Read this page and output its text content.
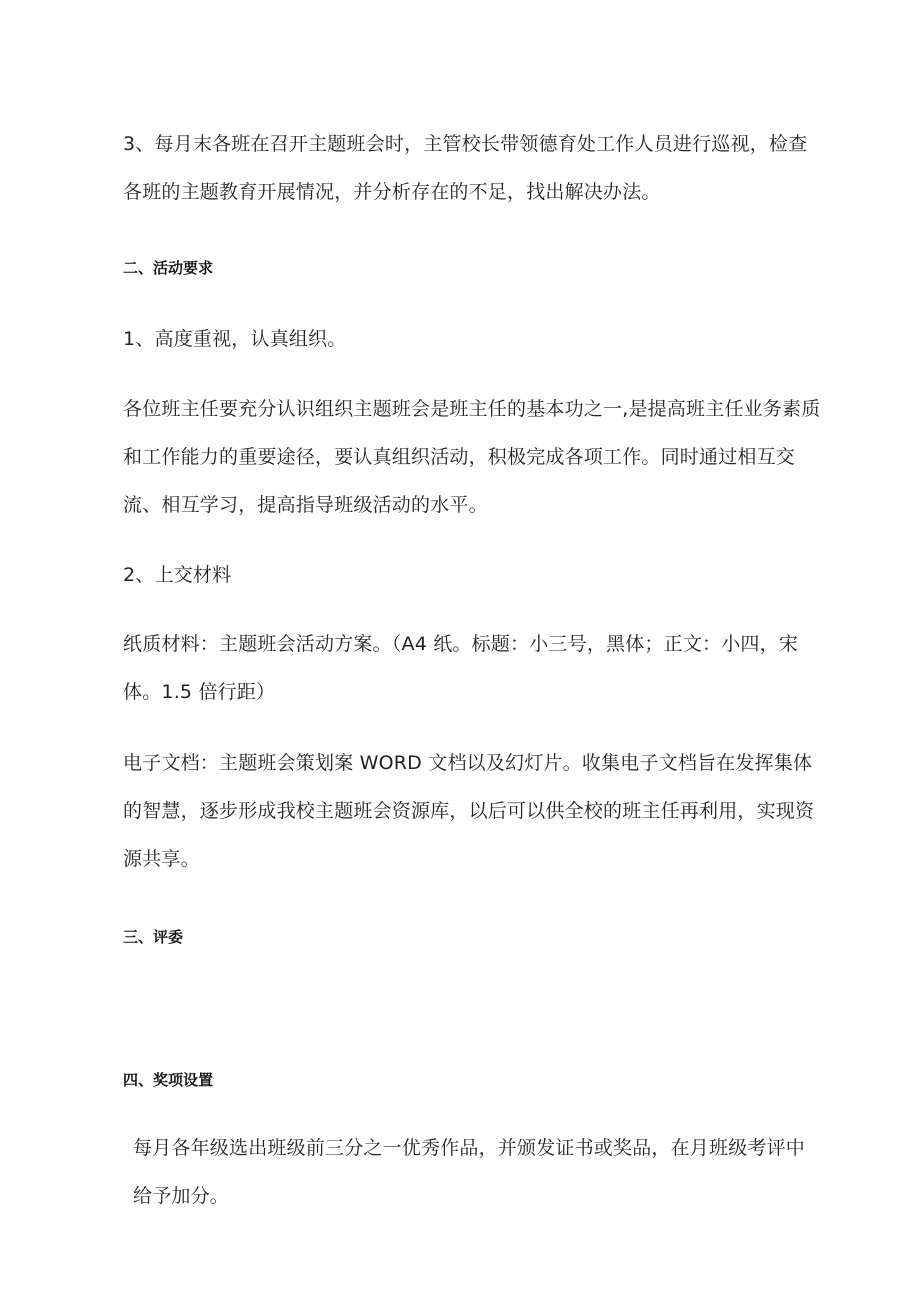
3、每月末各班在召开主题班会时，主管校长带领德育处工作人员进行巡视，检查各班的主题教育开展情况，并分析存在的不足，找出解决办法。

二、活动要求

1、高度重视，认真组织。

各位班主任要充分认识组织主题班会是班主任的基本功之一,是提高班主任业务素质和工作能力的重要途径，要认真组织活动，积极完成各项工作。同时通过相互交流、相互学习，提高指导班级活动的水平。

2、上交材料

纸质材料：主题班会活动方案。（A4 纸。标题：小三号，黑体；正文：小四，宋体。1.5 倍行距）

电子文档：主题班会策划案 WORD 文档以及幻灯片。收集电子文档旨在发挥集体的智慧，逐步形成我校主题班会资源库，以后可以供全校的班主任再利用，实现资源共享。

三、评委
四、奖项设置

每月各年级选出班级前三分之一优秀作品，并颁发证书或奖品，在月班级考评中给予加分。
